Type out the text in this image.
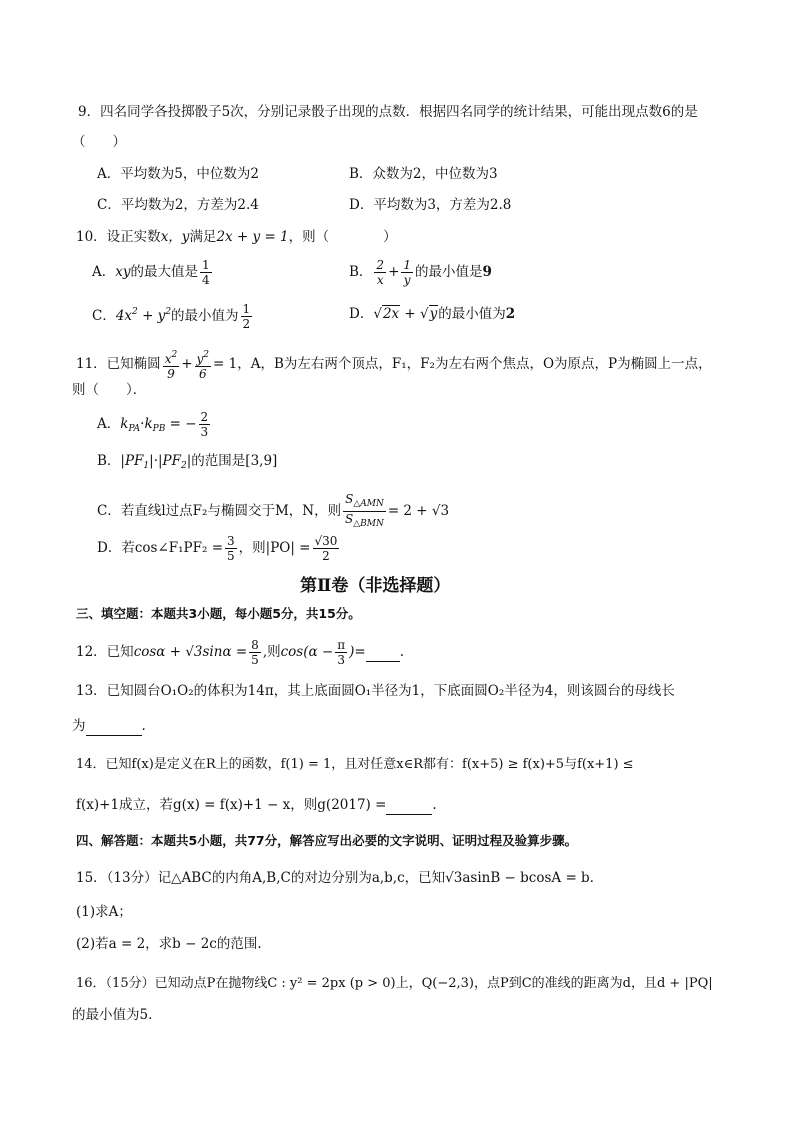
9．四名同学各投掷骰子5次，分别记录骰子出现的点数．根据四名同学的统计结果，可能出现点数6的是
（　　）
A．平均数为5，中位数为2	B．众数为2，中位数为3
C．平均数为2，方差为2.4	D．平均数为3，方差为2.8
10．设正实数x，y满足2x + y = 1，则（　　　　）
A．xy的最大值是 $\frac{1}{4}$	B． $\frac{2}{x} + \frac{1}{y}$ 的最小值是9
C．$4x^2 + y^2$的最小值为 $\frac{1}{2}$	D．√2x + √y的最小值为2
11．已知椭圆 $\frac{x^2}{9} + \frac{y^2}{6} = 1$，A，B为左右两个顶点，F₁，F₂为左右两个焦点，O为原点，P为椭圆上一点，
则（　　）．
A．$k_{PA}\cdot k_{PB}$ = − $\frac{2}{3}$
B．$|PF_1|\cdot|PF_2|$的范围是[3,9]
C．若直线l过点F₂与椭圆交于M，N，则 $\frac{S_{\triangle AMN}}{S_{\triangle BMN}} = 2 + √3$
D．若cos∠F₁PF₂ = $\frac{3}{5}$ ，则$|PO| = \frac{√30}{2}$
第Ⅱ卷（非选择题）
三、填空题：本题共3小题，每小题5分，共15分。
12．已知$\cos\alpha + √3\sin\alpha = \frac{8}{5}$ ,则$\cos(\alpha - \frac{\pi}{3}$ )=	.
13．已知圆台O₁O₂的体积为14π，其上底面圆O₁半径为1，下底面圆O₂半径为4，则该圆台的母线长
为	.
14．已知f(x)是定义在R上的函数，f(1) = 1，且对任意x∈R都有：f(x+5) ≥ f(x)+5与f(x+1) ≤
f(x)+1成立，若g(x) = f(x)+1 − x，则g(2017) =	.
四、解答题：本题共5小题，共77分，解答应写出必要的文字说明、证明过程及验算步骤。
15．（13分）记△ABC的内角A,B,C的对边分别为a,b,c，已知√3asinB − bcosA = b．
(1)求A；
(2)若a = 2，求b − 2c的范围.
16．（15分）已知动点P在抛物线C : y² = 2px (p > 0)上，Q(−2,3)，点P到C的准线的距离为d，且d + |PQ|
的最小值为5.
